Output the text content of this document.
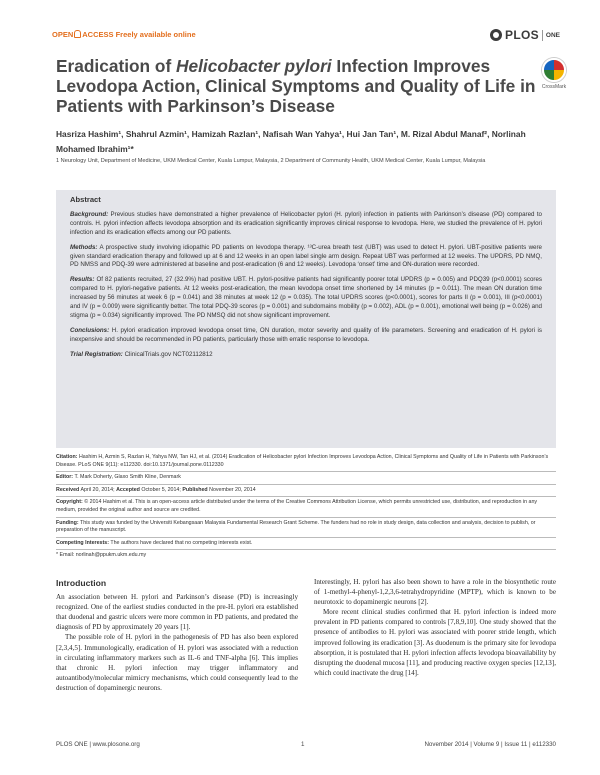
OPEN ACCESS Freely available online	PLOS ONE
Eradication of Helicobacter pylori Infection Improves Levodopa Action, Clinical Symptoms and Quality of Life in Patients with Parkinson’s Disease
CrossMark
Hasriza Hashim¹, Shahrul Azmin¹, Hamizah Razlan¹, Nafisah Wan Yahya¹, Hui Jan Tan¹, M. Rizal Abdul Manaf², Norlinah Mohamed Ibrahim¹*
1 Neurology Unit, Department of Medicine, UKM Medical Center, Kuala Lumpur, Malaysia, 2 Department of Community Health, UKM Medical Center, Kuala Lumpur, Malaysia
Abstract

Background: Previous studies have demonstrated a higher prevalence of Helicobacter pylori (H. pylori) infection in patients with Parkinson’s disease (PD) compared to controls. H. pylori infection affects levodopa absorption and its eradication significantly improves clinical response to levodopa. Here, we studied the prevalence of H. pylori infection and its eradication effects among our PD patients.

Methods: A prospective study involving idiopathic PD patients on levodopa therapy. ¹³C-urea breath test (UBT) was used to detect H. pylori. UBT-positive patients were given standard eradication therapy and followed up at 6 and 12 weeks in an open label single arm design. Repeat UBT was performed at 12 weeks. The UPDRS, PD NMQ, PD NMSS and PDQ-39 were administered at baseline and post-eradication (6 and 12 weeks). Levodopa ‘onset’ time and ON-duration were recorded.

Results: Of 82 patients recruited, 27 (32.9%) had positive UBT. H. pylori-positive patients had significantly poorer total UPDRS (p = 0.005) and PDQ39 (p<0.0001) scores compared to H. pylori-negative patients. At 12 weeks post-eradication, the mean levodopa onset time shortened by 14 minutes (p = 0.011). The mean ON duration time increased by 56 minutes at week 6 (p = 0.041) and 38 minutes at week 12 (p = 0.035). The total UPDRS scores (p<0.0001), scores for parts II (p = 0.001), III (p<0.0001) and IV (p = 0.009) were significantly better. The total PDQ-39 scores (p = 0.001) and subdomains mobility (p = 0.002), ADL (p = 0.001), emotional well being (p = 0.026) and stigma (p = 0.034) significantly improved. The PD NMSQ did not show significant improvement.

Conclusions: H. pylori eradication improved levodopa onset time, ON duration, motor severity and quality of life parameters. Screening and eradication of H. pylori is inexpensive and should be recommended in PD patients, particularly those with erratic response to levodopa.

Trial Registration: ClinicalTrials.gov NCT02112812

Citation: Hashim H, Azmin S, Razlan H, Yahya NW, Tan HJ, et al. (2014) Eradication of Helicobacter pylori Infection Improves Levodopa Action, Clinical Symptoms and Quality of Life in Patients with Parkinson’s Disease. PLoS ONE 9(11): e112330. doi:10.1371/journal.pone.0112330

Editor: T. Mark Doherty, Glaxo Smith Kline, Denmark

Received April 20, 2014; Accepted October 5, 2014; Published November 20, 2014

Copyright: © 2014 Hashim et al. This is an open-access article distributed under the terms of the Creative Commons Attribution License, which permits unrestricted use, distribution, and reproduction in any medium, provided the original author and source are credited.

Funding: This study was funded by the Universiti Kebangsaan Malaysia Fundamental Research Grant Scheme. The funders had no role in study design, data collection and analysis, decision to publish, or preparation of the manuscript.

Competing Interests: The authors have declared that no competing interests exist.

* Email: norlinah@ppukm.ukm.edu.my

Introduction

An association between H. pylori and Parkinson’s disease (PD) is increasingly recognized. One of the earliest studies conducted in the pre-H. pylori era established that duodenal and gastric ulcers were more common in PD patients, and predated the diagnosis of PD by approximately 20 years [1].

The possible role of H. pylori in the pathogenesis of PD has also been explored [2,3,4,5]. Immunologically, eradication of H. pylori was associated with a reduction in circulating inflammatory markers such as IL-6 and TNF-alpha [6]. This implies that chronic H. pylori infection may trigger inflammatory and autoantibody/molecular mimicry mechanisms, which could consequently lead to the destruction of dopaminergic neurons.

Interestingly, H. pylori has also been shown to have a role in the biosynthetic route of 1-methyl-4-phenyl-1,2,3,6-tetrahydropyridine (MPTP), which is known to be neurotoxic to dopaminergic neurons [2].

More recent clinical studies confirmed that H. pylori infection is indeed more prevalent in PD patients compared to controls [7,8,9,10]. One study showed that the presence of antibodies to H. pylori was associated with poorer stride length, which improved following its eradication [3]. As duodenum is the primary site for levodopa absorption, it is postulated that H. pylori infection affects levodopa bioavailability by disrupting the duodenal mucosa [11], and producing reactive oxygen species [12,13], which could inactivate the drug [14].

PLOS ONE | www.plosone.org	1	November 2014 | Volume 9 | Issue 11 | e112330
